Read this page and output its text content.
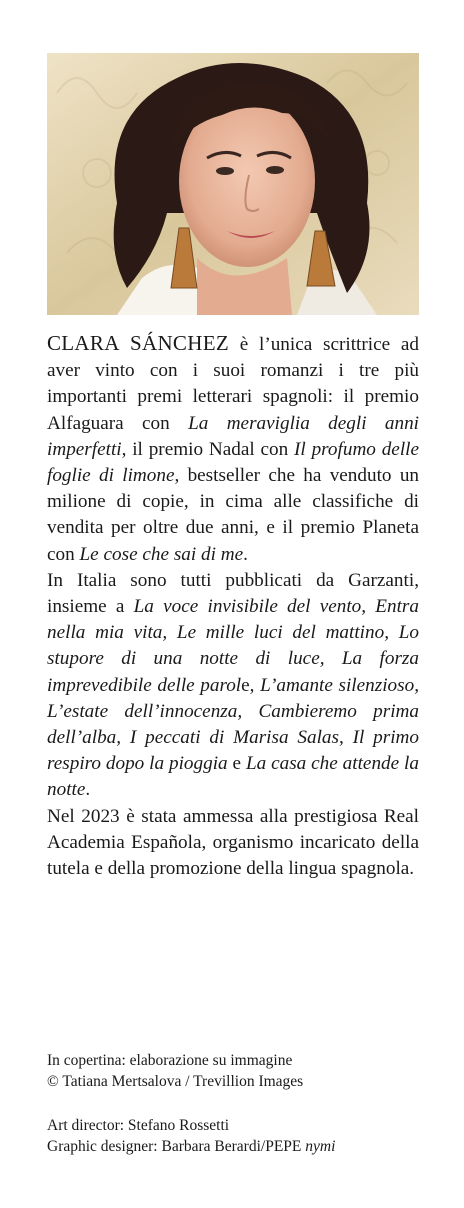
CLARA SÁNCHEZ è l’unica scrittrice ad aver vinto con i suoi romanzi i tre più importanti premi letterari spagnoli: il premio Alfaguara con La meraviglia degli anni imperfetti, il premio Nadal con Il profumo delle foglie di limone, bestseller che ha venduto un milione di copie, in cima alle classifiche di vendita per oltre due anni, e il premio Planeta con Le cose che sai di me.

In Italia sono tutti pubblicati da Garzanti, insieme a La voce invisibile del vento, Entra nella mia vita, Le mille luci del mattino, Lo stupore di una notte di luce, La forza imprevedibile delle parole, L’amante silenzioso, L’estate dell’innocenza, Cambieremo prima dell’alba, I peccati di Marisa Salas, Il primo respiro dopo la pioggia e La casa che attende la notte.

Nel 2023 è stata ammessa alla prestigiosa Real Academia Española, organismo incaricato della tutela e della promozione della lingua spagnola.

In copertina: elaborazione su immagine

© Tatiana Mertsalova / Trevillion Images

Art director: Stefano Rossetti

Graphic designer: Barbara Berardi/PEPE nymi
